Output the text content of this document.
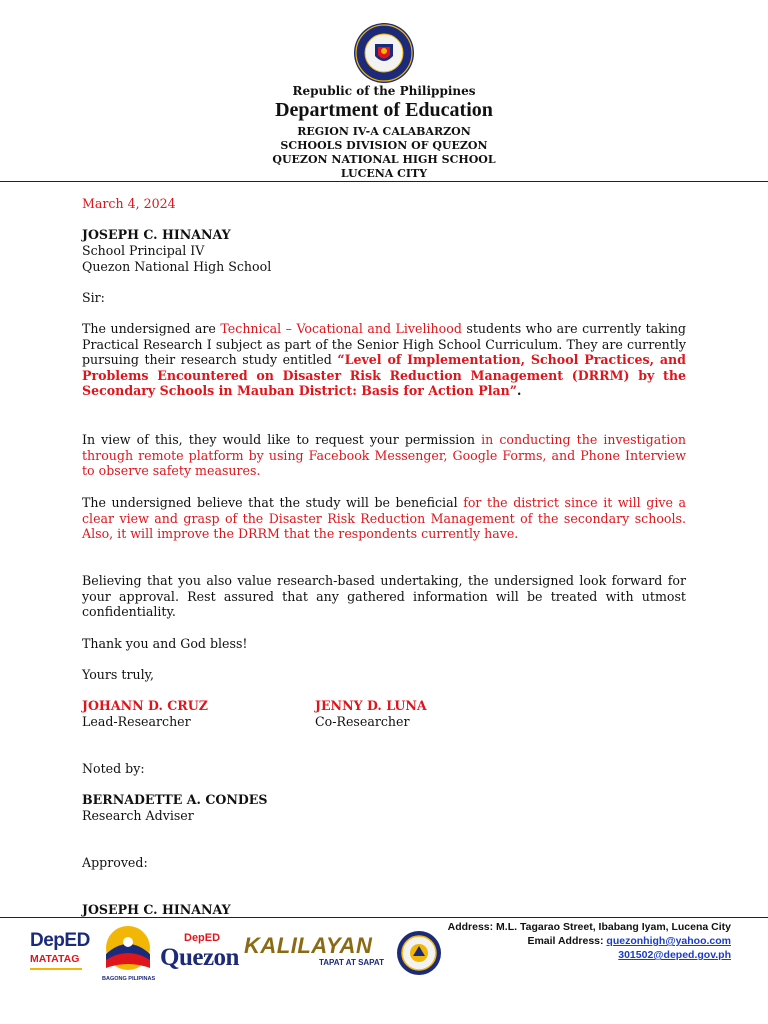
Republic of the Philippines
Department of Education
REGION IV-A CALABARZON
SCHOOLS DIVISION OF QUEZON
QUEZON NATIONAL HIGH SCHOOL
LUCENA CITY
March 4, 2024
JOSEPH C. HINANAY
School Principal IV
Quezon National High School
Sir:
The undersigned are Technical – Vocational and Livelihood students who are currently taking Practical Research I subject as part of the Senior High School Curriculum. They are currently pursuing their research study entitled “Level of Implementation, School Practices, and Problems Encountered on Disaster Risk Reduction Management (DRRM) by the Secondary Schools in Mauban District: Basis for Action Plan”.
In view of this, they would like to request your permission in conducting the investigation through remote platform by using Facebook Messenger, Google Forms, and Phone Interview to observe safety measures.
The undersigned believe that the study will be beneficial for the district since it will give a clear view and grasp of the Disaster Risk Reduction Management of the secondary schools. Also, it will improve the DRRM that the respondents currently have.
Believing that you also value research-based undertaking, the undersigned look forward for your approval. Rest assured that any gathered information will be treated with utmost confidentiality.
Thank you and God bless!
Yours truly,
JOHANN D. CRUZ
Lead-Researcher
JENNY D. LUNA
Co-Researcher
Noted by:
BERNADETTE A. CONDES
Research Adviser
Approved:
JOSEPH C. HINANAY
DepED
MATATAG
BAGONG PILIPINAS
DepED
Quezon KALILAYAN
TAPAT AT SAPAT
Address: M.L. Tagarao Street, Ibabang Iyam, Lucena City
Email Address: quezonhigh@yahoo.com
301502@deped.gov.ph
